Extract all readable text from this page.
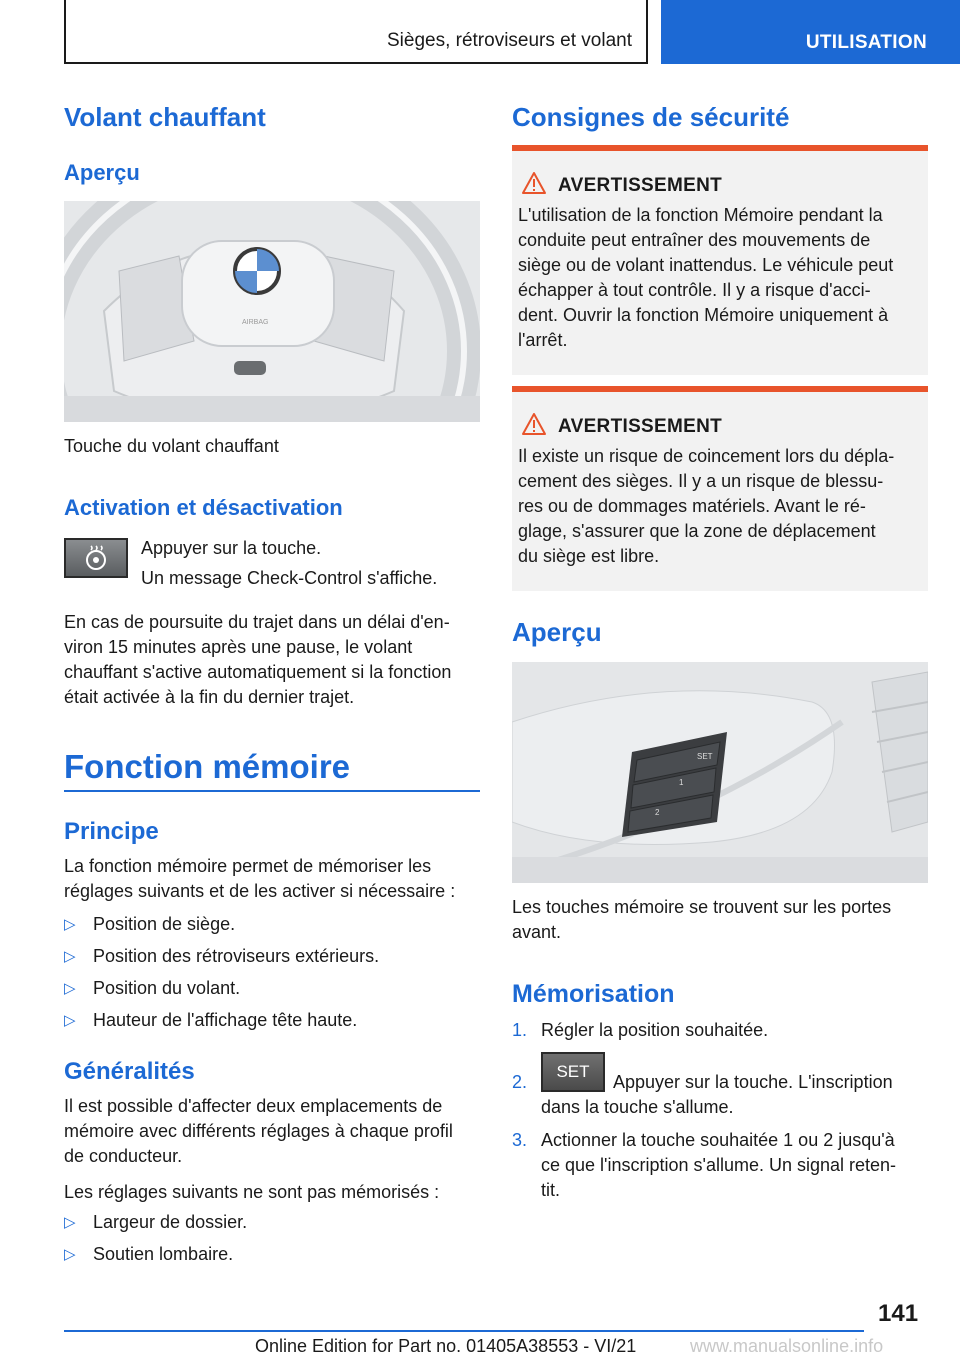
Sièges, rétroviseurs et volant	UTILISATION
Volant chauffant
Aperçu
AIRBAG

Touche du volant chauffant

Activation et désactivation

Appuyer sur la touche.

Un message Check-Control s'affiche.

En cas de poursuite du trajet dans un délai d'en-
viron 15 minutes après une pause, le volant
chauffant s'active automatiquement si la fonction
était activée à la fin du dernier trajet.
Fonction mémoire
Principe
La fonction mémoire permet de mémoriser les
réglages suivants et de les activer si nécessaire :
▷ Position de siège.
▷ Position des rétroviseurs extérieurs.
▷ Position du volant.
▷ Hauteur de l'affichage tête haute.
Généralités
Il est possible d'affecter deux emplacements de
mémoire avec différents réglages à chaque profil
de conducteur.

Les réglages suivants ne sont pas mémorisés :

▷ Largeur de dossier.
▷ Soutien lombaire.
Consignes de sécurité
AVERTISSEMENT
L'utilisation de la fonction Mémoire pendant la
conduite peut entraîner des mouvements de
siège ou de volant inattendus. Le véhicule peut
échapper à tout contrôle. Il y a risque d'acci-
dent. Ouvrir la fonction Mémoire uniquement à
l'arrêt.
AVERTISSEMENT
Il existe un risque de coincement lors du dépla-
cement des sièges. Il y a un risque de blessu-
res ou de dommages matériels. Avant le ré-
glage, s'assurer que la zone de déplacement
du siège est libre.
Aperçu
SET
1
2
Les touches mémoire se trouvent sur les portes
avant.
Mémorisation
1. Régler la position souhaitée.
2.
SET
Appuyer sur la touche. L'inscription
dans la touche s'allume.
3. Actionner la touche souhaitée 1 ou 2 jusqu'à
ce que l'inscription s'allume. Un signal reten-
tit.
141
Online Edition for Part no. 01405A38553 - VI/21	www.manualsonline.info
